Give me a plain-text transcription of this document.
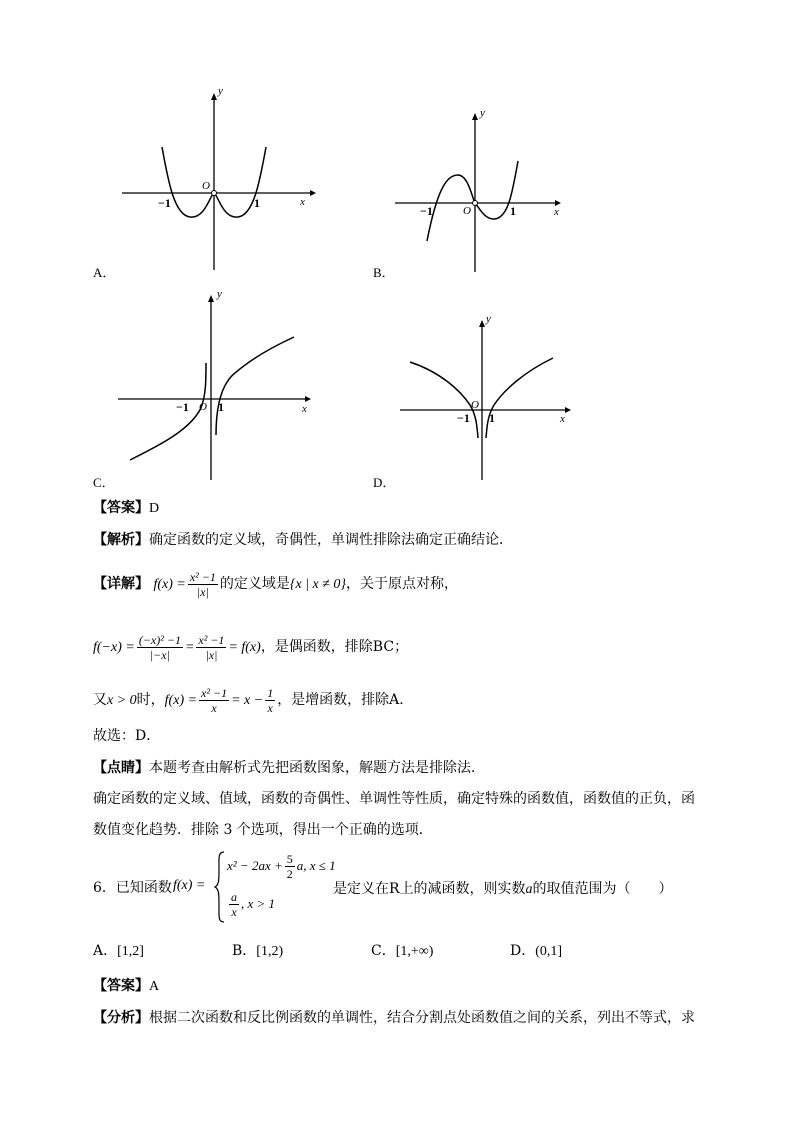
y
x
O
−1	1
A．
y
x
O
−1	1
B．
y
x
O
−1 1
C．
y
x
O
−1 1
D．
【答案】D
【解析】确定函数的定义域，奇偶性，单调性排除法确定正确结论．
【详解】 $f(x) = \frac{\text{x² −1}}{|x|}$ 的定义域是{x | x ≠ 0}，关于原点对称，
$f(-x) = \frac{\text{(−x)² −1}}{|-x|} = \frac{\text{x² −1}}{|x|} = f(x)$，是偶函数，排除BC；
又x > 0时，$f(x) = \frac{\text{x² −1}}{x} = x - \frac{1}{x}$ ，是增函数，排除A．
故选：D．
【点睛】本题考查由解析式先把函数图象，解题方法是排除法．
确定函数的定义域、值域，函数的奇偶性、单调性等性质，确定特殊的函数值，函数值的正负，函
数值变化趋势．排除 3 个选项，得出一个正确的选项．
6．已知函数 f(x) =
$x^2 - 2ax + \frac{5}{2} a$, x ≤ 1
$\frac{a}{x}$ , x > 1
是定义在R上的减函数，则实数a的取值范围为（　　）
A．[1,2]	B．[1,2)	C．[1,+∞)	D．(0,1]
【答案】A
【分析】根据二次函数和反比例函数的单调性，结合分割点处函数值之间的关系，列出不等式，求
